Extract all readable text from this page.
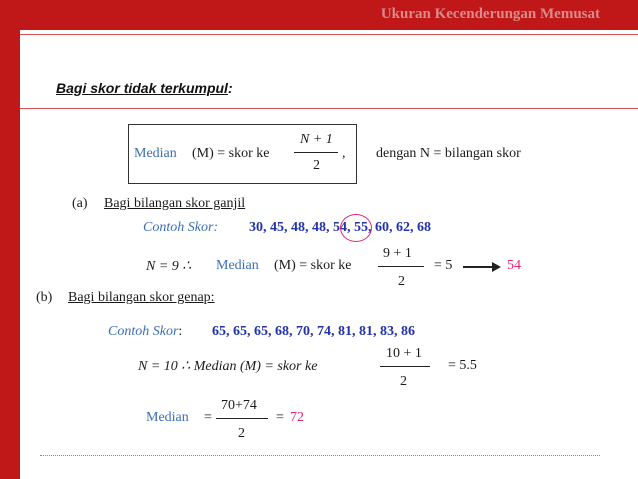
Ukuran Kecenderungan Memusat
Bagi skor tidak terkumpul:
Median (M) = skor ke
N + 1
2
, dengan N = bilangan skor
(a) Bagi bilangan skor ganjil
Contoh Skor: 30, 45, 48, 48, 54, 55, 60, 62, 68
N = 9 ∴ Median (M) = skor ke
9 + 1
2
= 5	54
(b) Bagi bilangan skor genap:
Contoh Skor: 65, 65, 65, 68, 70, 74, 81, 81, 83, 86
N = 10 ∴ Median (M) = skor ke
10 + 1
2
= 5.5
Median =
70+74
2
= 72
